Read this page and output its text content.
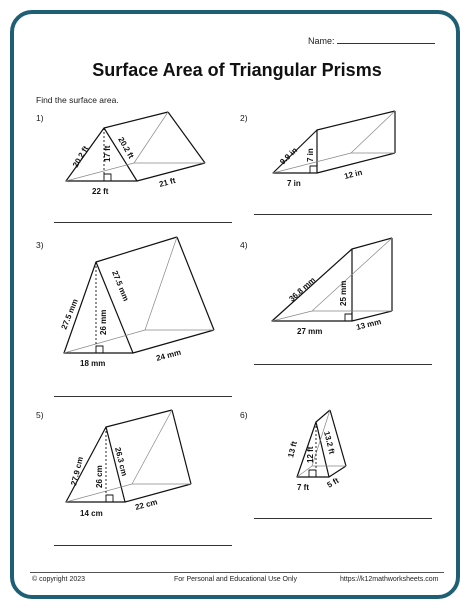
Name:
Surface Area of Triangular Prisms
Find the surface area.
1)	2)
3)	4)
5)	6)
20.2 ft	20.2 ft
17 ft
22 ft
21 ft
9.9 in 7 in
7 in
12 in
27.5 mm
27.5 mm
26 mm
18 mm
24 mm
36.8 mm	25 mm
27 mm	13 mm
27.9 cm	26.3 cm
26 cm
14 cm
22 cm
13 ft	13.2 ft
12 ft
7 ft 5 ft
© copyright 2023	For Personal and Educational Use Only	https://k12mathworksheets.com
